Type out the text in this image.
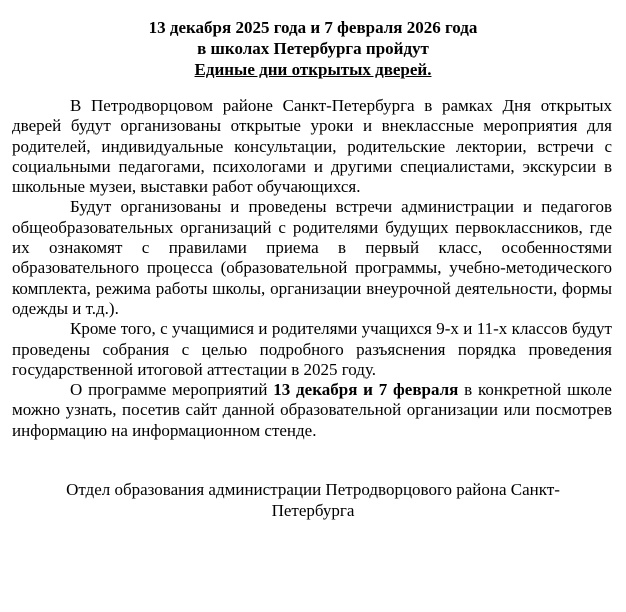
13 декабря 2025 года и 7 февраля 2026 года
в школах Петербурга пройдут
Единые дни открытых дверей.

В Петродворцовом районе Санкт-Петербурга в рамках Дня открытых дверей будут организованы открытые уроки и внеклассные мероприятия для родителей, индивидуальные консультации, родительские лектории, встречи с социальными педагогами, психологами и другими специалистами, экскурсии в школьные музеи, выставки работ обучающихся.

Будут организованы и проведены встречи администрации и педагогов общеобразовательных организаций с родителями будущих первоклассников, где их ознакомят с правилами приема в первый класс, особенностями образовательного процесса (образовательной программы, учебно-методического комплекта, режима работы школы, организации внеурочной деятельности, формы одежды и т.д.).

Кроме того, с учащимися и родителями учащихся 9-х и 11-х классов будут проведены собрания с целью подробного разъяснения порядка проведения государственной итоговой аттестации в 2025 году.

О программе мероприятий 13 декабря и 7 февраля в конкретной школе можно узнать, посетив сайт данной образовательной организации или посмотрев информацию на информационном стенде.

Отдел образования администрации Петродворцового района Санкт-
Петербурга
